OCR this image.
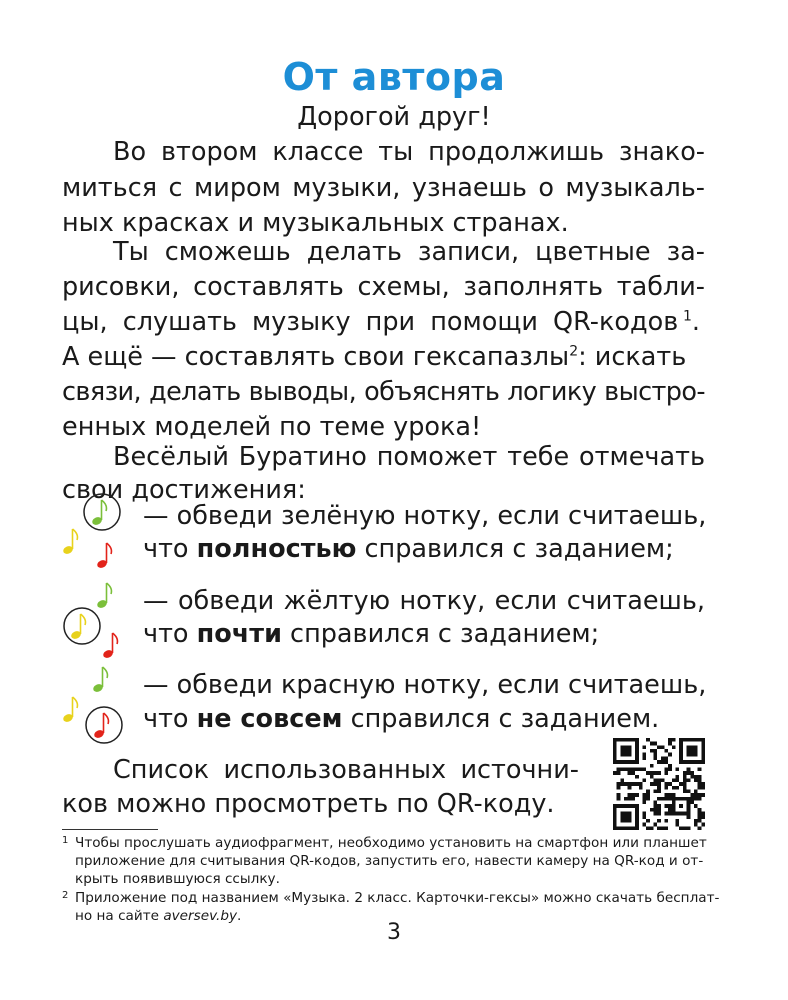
От автора
Дорогой друг!
Во втором классе ты продолжишь знако-
миться с миром музыки, узнаешь о музыкаль-
ных красках и музыкальных странах.
Ты сможешь делать записи, цветные за-
рисовки, составлять схемы, заполнять табли-
цы, слушать музыку при помощи QR-кодов $^1$.
А ещё — составлять свои гексапазлы$^2$: искать
связи, делать выводы, объяснять логику выстро-
енных моделей по теме урока!
Весёлый Буратино поможет тебе отмечать
свои достижения:
— обведи зелёную нотку, если считаешь,
что полностью справился с заданием;
— обведи жёлтую нотку, если считаешь,
что почти справился с заданием;
— обведи красную нотку, если считаешь,
что не совсем справился с заданием.
Список использованных источни-
ков можно просмотреть по QR-коду.
1 Чтобы прослушать аудиофрагмент, необходимо установить на смартфон или планшет
приложение для считывания QR-кодов, запустить его, навести камеру на QR-код и от-
крыть появившуюся ссылку.
2 Приложение под названием «Музыка. 2 класс. Карточки-гексы» можно скачать бесплат-
но на сайте aversev.by.
3
